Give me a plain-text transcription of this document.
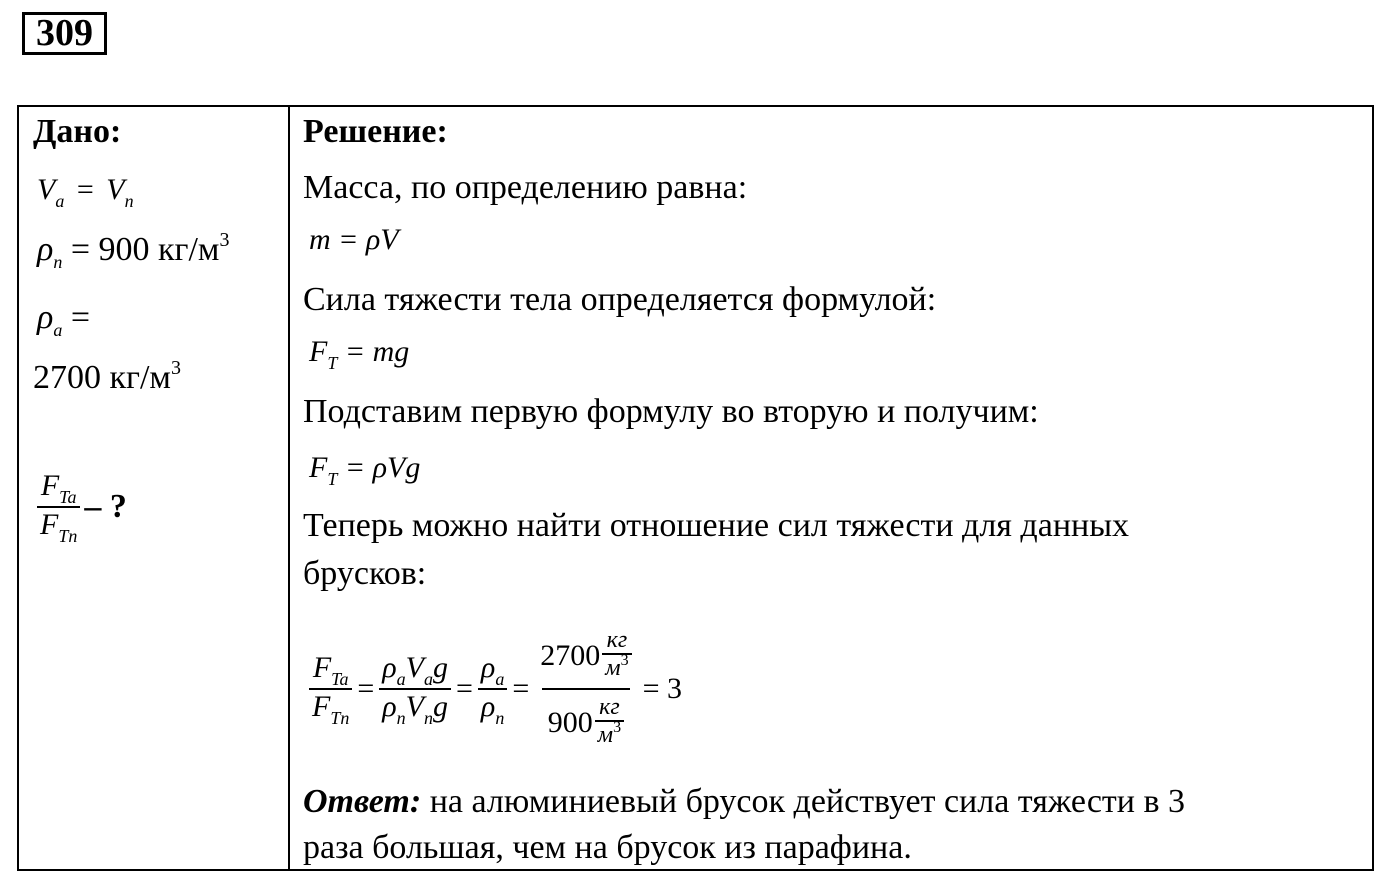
309
Дано:
$V_a = V_n$
$\rho_n = 900$ $кг/м^3$
$\rho_a$ =
2700 $кг/м^3$
$\frac{F_{Ta}}{F_{Tn}}$ – ?
Решение:
Масса, по определению равна:
m = ρV
Сила тяжести тела определяется формулой:
$F_T$ = mg
Подставим первую формулу во вторую и получим:
$F_T = \rho Vg$
Теперь можно найти отношение сил тяжести для данных
брусков:
$\frac{F_{Ta}}{F_{Tn}} = \frac{\rho_aV_ag}{\rho_nV_ng} = \frac{\rho_a}{\rho_n} = \frac{2700 \frac{кг}{м^3}}{900 \frac{кг}{м^3}} = 3$
Ответ: на алюминиевый брусок действует сила тяжести в 3
раза большая, чем на брусок из парафина.
